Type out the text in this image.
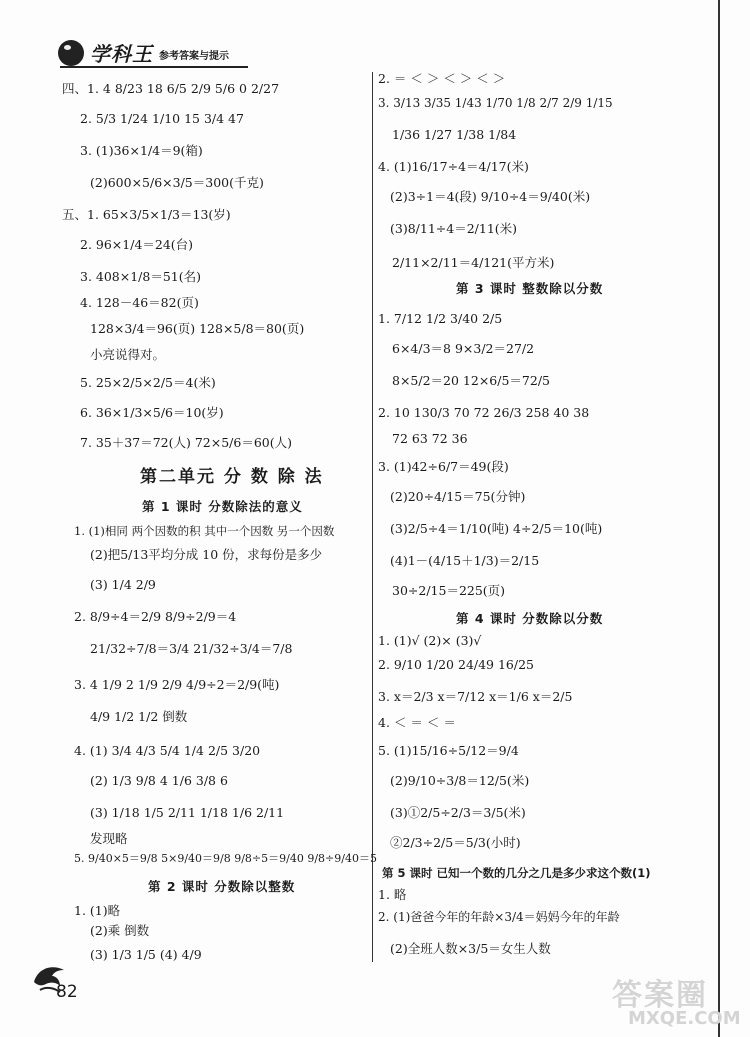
学科王 参考答案与提示
四、1. 4 8/23 18 6/5 2/9 5/6 0 2/27
2. 5/3 1/24 1/10 15 3/4 47
3. (1)36×1/4＝9(箱)
(2)600×5/6×3/5＝300(千克)
五、1. 65×3/5×1/3＝13(岁)
2. 96×1/4＝24(台)
3. 408×1/8＝51(名)
4. 128－46＝82(页)
128×3/4＝96(页) 128×5/8＝80(页)
小亮说得对。
5. 25×2/5×2/5＝4(米)
6. 36×1/3×5/6＝10(岁)
7. 35＋37＝72(人) 72×5/6＝60(人)
第二单元 分 数 除 法
第 1 课时 分数除法的意义
1. (1)相同 两个因数的积 其中一个因数 另一个因数
(2)把5/13平均分成 10 份，求每份是多少
(3) 1/4 2/9
2. 8/9÷4＝2/9 8/9÷2/9＝4
21/32÷7/8＝3/4 21/32÷3/4＝7/8
3. 4 1/9 2 1/9 2/9 4/9÷2＝2/9(吨)
4/9 1/2 1/2 倒数
4. (1) 3/4 4/3 5/4 1/4 2/5 3/20
(2) 1/3 9/8 4 1/6 3/8 6
(3) 1/18 1/5 2/11 1/18 1/6 2/11
发现略
5. 9/40×5＝9/8 5×9/40＝9/8 9/8÷5＝9/40 9/8÷9/40＝5
第 2 课时 分数除以整数
1. (1)略
(2)乘 倒数
(3) 1/3 1/5 (4) 4/9
2. ＝ ＜ ＞ ＜ ＞ ＜ ＞
3. 3/13 3/35 1/43 1/70 1/8 2/7 2/9 1/15
1/36 1/27 1/38 1/84
4. (1)16/17÷4＝4/17(米)
(2)3÷1＝4(段) 9/10÷4＝9/40(米)
(3)8/11÷4＝2/11(米)
2/11×2/11＝4/121(平方米)
第 3 课时 整数除以分数
1. 7/12 1/2 3/40 2/5
6×4/3＝8 9×3/2＝27/2
8×5/2＝20 12×6/5＝72/5
2. 10 130/3 70 72 26/3 258 40 38
72 63 72 36
3. (1)42÷6/7＝49(段)
(2)20÷4/15＝75(分钟)
(3)2/5÷4＝1/10(吨) 4÷2/5＝10(吨)
(4)1－(4/15＋1/3)＝2/15
30÷2/15＝225(页)
第 4 课时 分数除以分数
1. (1)√ (2)× (3)√
2. 9/10 1/20 24/49 16/25
3. x＝2/3 x＝7/12 x＝1/6 x＝2/5
4. ＜ ＝ ＜ ＝
5. (1)15/16÷5/12＝9/4
(2)9/10÷3/8＝12/5(米)
(3)①2/5÷2/3＝3/5(米)
②2/3÷2/5＝5/3(小时)
第 5 课时 已知一个数的几分之几是多少求这个数(1)
1. 略
2. (1)爸爸今年的年龄×3/4＝妈妈今年的年龄
(2)全班人数×3/5＝女生人数
82	答案圈
MXQE.COM
